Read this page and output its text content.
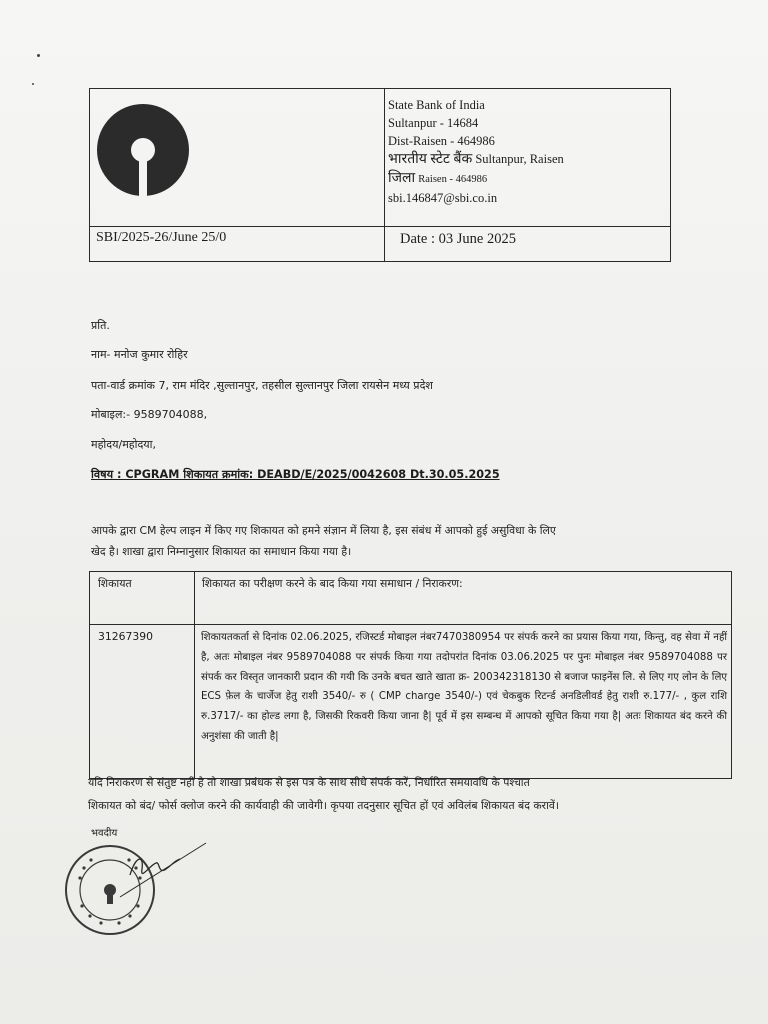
State Bank of India
Sultanpur - 14684
Dist-Raisen - 464986
भारतीय स्टेट बैंक Sultanpur, Raisen
जिला Raisen - 464986
sbi.146847@sbi.co.in
SBI/2025-26/June 25/0	Date : 03 June 2025
प्रति.
नाम- मनोज कुमार रोहिर
पता-वार्ड क्रमांक 7, राम मंदिर ,सुल्तानपुर, तहसील सुल्तानपुर जिला रायसेन मध्य प्रदेश
मोबाइल:- 9589704088,
महोदय/महोदया,
विषय : CPGRAM शिकायत क्रमांक: DEABD/E/2025/0042608 Dt.30.05.2025
आपके द्वारा CM हेल्प लाइन में किए गए शिकायत को हमने संज्ञान में लिया है, इस संबंध में आपको हुई असुविधा के लिए
खेद है। शाखा द्वारा निम्नानुसार शिकायत का समाधान किया गया है।
शिकायत	शिकायत का परीक्षण करने के बाद किया गया समाधान / निराकरण:
31267390	शिकायतकर्ता से दिनांक 02.06.2025, रजिस्टर्ड मोबाइल नंबर7470380954 पर संपर्क करने का प्रयास किया गया, किन्तु, वह सेवा में नहीं है, अतः मोबाइल नंबर 9589704088 पर संपर्क किया गया तदोपरांत दिनांक 03.06.2025 पर पुनः मोबाइल नंबर 9589704088 पर संपर्क कर विस्तृत जानकारी प्रदान की गयी कि उनके बचत खाते खाता क्र- 200342318130 से बजाज फाइनेंस लि. से लिए गए लोन के लिए ECS फ़ेल के चार्जेज हेतु राशी 3540/- रु ( CMP charge 3540/-) एवं चेकबुक रिटर्न्ड अनडिलीवर्ड हेतु राशी रु.177/- , कुल राशि रु.3717/- का होल्ड लगा है, जिसकी रिकवरी किया जाना है| पूर्व में इस सम्बन्ध में आपको सूचित किया गया है| अतः शिकायत बंद करने की अनुशंसा की जाती है|
यदि निराकरण से संतुष्ट नहीं है तो शाखा प्रबंधक से इस पत्र के साथ सीधे संपर्क करें, निर्धारित समयावधि के पश्चात
शिकायत को बंद/ फोर्स क्लोज करने की कार्यवाही की जावेगी। कृपया तदनुसार सूचित हों एवं अविलंब शिकायत बंद करावें।
भवदीय
